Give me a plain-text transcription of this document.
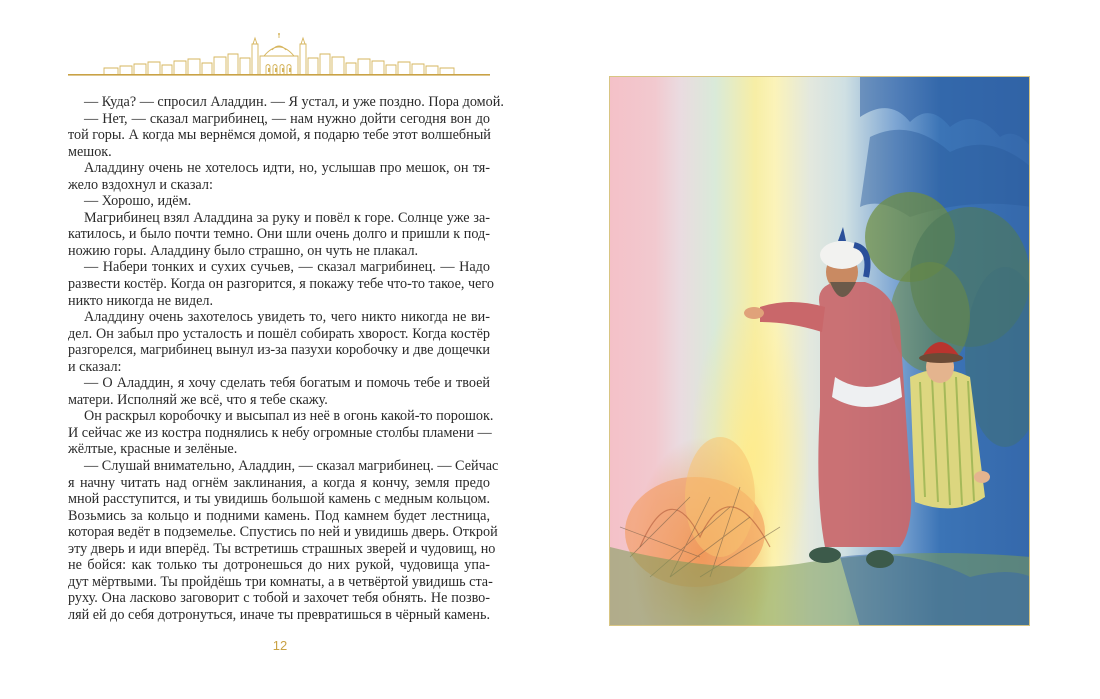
— Куда? — спросил Аладдин. — Я устал, и уже поздно. Пора домой.
— Нет, — сказал магрибинец, — нам нужно дойти сегодня вон до
той горы. А когда мы вернёмся домой, я подарю тебе этот волшебный
мешок.
Аладдину очень не хотелось идти, но, услышав про мешок, он тя-
жело вздохнул и сказал:
— Хорошо, идём.
Магрибинец взял Аладдина за руку и повёл к горе. Солнце уже за-
катилось, и было почти темно. Они шли очень долго и пришли к под-
ножию горы. Аладдину было страшно, он чуть не плакал.
— Набери тонких и сухих сучьев, — сказал магрибинец. — Надо
развести костёр. Когда он разгорится, я покажу тебе что-то такое, чего
никто никогда не видел.
Аладдину очень захотелось увидеть то, чего никто никогда не ви-
дел. Он забыл про усталость и пошёл собирать хворост. Когда костёр
разгорелся, магрибинец вынул из-за пазухи коробочку и две дощечки
и сказал:
— О Аладдин, я хочу сделать тебя богатым и помочь тебе и твоей
матери. Исполняй же всё, что я тебе скажу.
Он раскрыл коробочку и высыпал из неё в огонь какой-то порошок.
И сейчас же из костра поднялись к небу огромные столбы пламени —
жёлтые, красные и зелёные.
— Слушай внимательно, Аладдин, — сказал магрибинец. — Сейчас
я начну читать над огнём заклинания, а когда я кончу, земля предо
мной расступится, и ты увидишь большой камень с медным кольцом.
Возьмись за кольцо и подними камень. Под камнем будет лестница,
которая ведёт в подземелье. Спустись по ней и увидишь дверь. Открой
эту дверь и иди вперёд. Ты встретишь страшных зверей и чудовищ, но
не бойся: как только ты дотронешься до них рукой, чудовища упа-
дут мёртвыми. Ты пройдёшь три комнаты, а в четвёртой увидишь ста-
руху. Она ласково заговорит с тобой и захочет тебя обнять. Не позво-
ляй ей до себя дотронуться, иначе ты превратишься в чёрный камень.
12
